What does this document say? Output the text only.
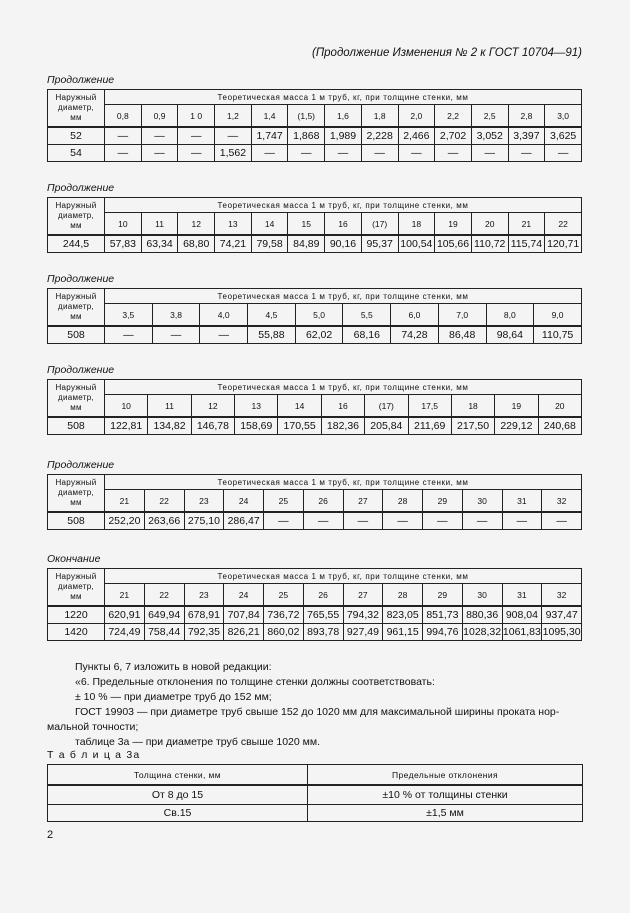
(Продолжение Изменения № 2 к ГОСТ 10704—91)
Продолжение
Наружный
диаметр,
мм	Теоретическая масса 1 м труб, кг, при толщине стенки, мм												
	0,8	0,9	1 0	1,2	1,4	(1,5)	1,6	1,8	2,0	2,2	2,5	2,8	3,0
52	—	—	—	—	1,747	1,868	1,989	2,228	2,466	2,702	3,052	3,397	3,625
54	—	—	—	1,562	—	—	—	—	—	—	—	—	—
Продолжение
Наружный
диаметр,
мм	Теоретическая масса 1 м труб, кг, при толщине стенки, мм												
	10	11	12	13	14	15	16	(17)	18	19	20	21	22
244,5	57,83	63,34	68,80	74,21	79,58	84,89	90,16	95,37	100,54	105,66	110,72	115,74	120,71
Продолжение
Наружный
диаметр,
мм	Теоретическая масса 1 м труб, кг, при толщине стенки, мм									
	3,5	3,8	4,0	4,5	5,0	5,5	6,0	7,0	8,0	9,0
508	—	—	—	55,88	62,02	68,16	74,28	86,48	98,64	110,75
Продолжение
Наружный
диаметр,
мм	Теоретическая масса 1 м труб, кг, при толщине стенки, мм										
	10	11	12	13	14	16	(17)	17,5	18	19	20
508	122,81	134,82	146,78	158,69	170,55	182,36	205,84	211,69	217,50	229,12	240,68
Продолжение
Наружный
диаметр,
мм	Теоретическая масса 1 м труб, кг, при толщине стенки, мм											
	21	22	23	24	25	26	27	28	29	30	31	32
508	252,20	263,66	275,10	286,47	—	—	—	—	—	—	—	—
Окончание
Наружный
диаметр,
мм	Теоретическая масса 1 м труб, кг, при толщине стенки, мм											
	21	22	23	24	25	26	27	28	29	30	31	32
1220	620,91	649,94	678,91	707,84	736,72	765,55	794,32	823,05	851,73	880,36	908,04	937,47
1420	724,49	758,44	792,35	826,21	860,02	893,78	927,49	961,15	994,76	1028,32	1061,83	1095,30

Пункты 6, 7 изложить в новой редакции:

«6. Предельные отклонения по толщине стенки должны соответствовать:

± 10 % — при диаметре труб до 152 мм;

ГОСТ 19903 — при диаметре труб свыше 152 до 1020 мм для максимальной ширины проката нор-

мальной точности;

таблице 3а — при диаметре труб свыше 1020 мм.

Т а б л и ц а 3а
Толщина стенки, мм	Предельные отклонения
От 8 до 15	±10 % от толщины стенки
Св.15	±1,5 мм
2
